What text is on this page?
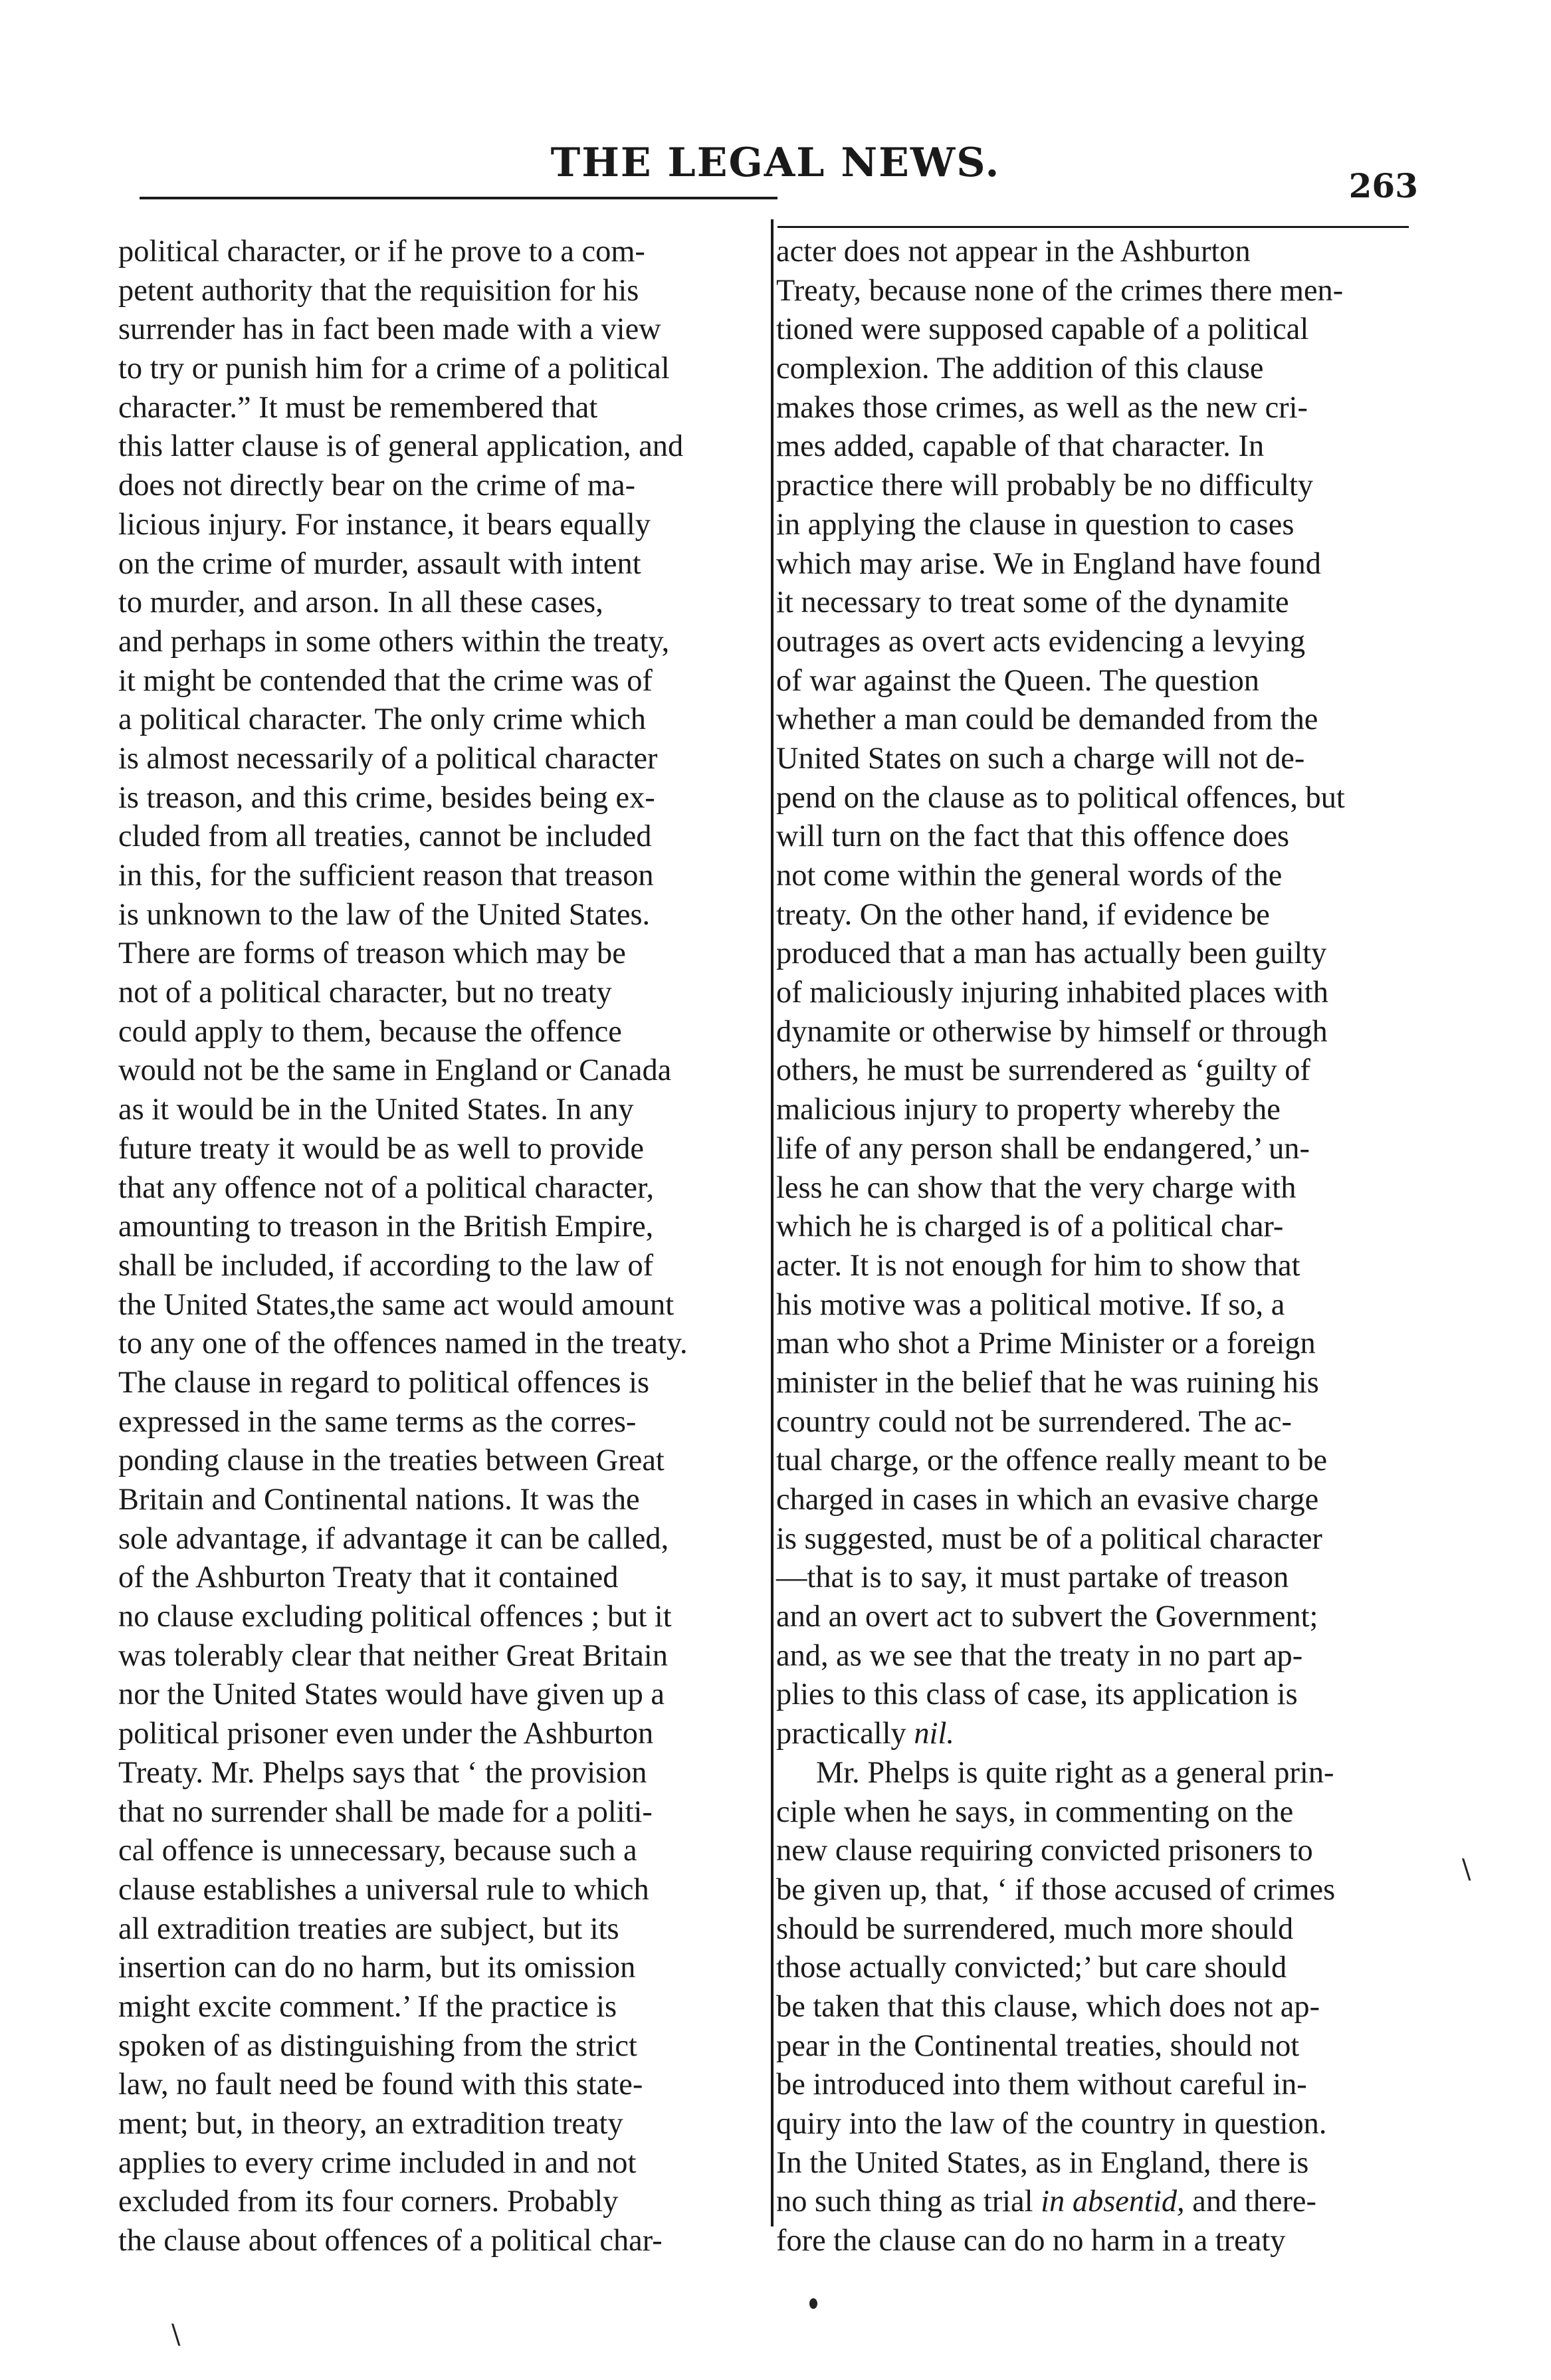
THE LEGAL NEWS.	263
political character, or if he prove to a com-
petent authority that the requisition for his
surrender has in fact been made with a view
to try or punish him for a crime of a political
character.” It must be remembered that
this latter clause is of general application, and
does not directly bear on the crime of ma-
licious injury. For instance, it bears equally
on the crime of murder, assault with intent
to murder, and arson. In all these cases,
and perhaps in some others within the treaty,
it might be contended that the crime was of
a political character. The only crime which
is almost necessarily of a political character
is treason, and this crime, besides being ex-
cluded from all treaties, cannot be included
in this, for the sufficient reason that treason
is unknown to the law of the United States.
There are forms of treason which may be
not of a political character, but no treaty
could apply to them, because the offence
would not be the same in England or Canada
as it would be in the United States. In any
future treaty it would be as well to provide
that any offence not of a political character,
amounting to treason in the British Empire,
shall be included, if according to the law of
the United States,the same act would amount
to any one of the offences named in the treaty.
The clause in regard to political offences is
expressed in the same terms as the corres-
ponding clause in the treaties between Great
Britain and Continental nations. It was the
sole advantage, if advantage it can be called,
of the Ashburton Treaty that it contained
no clause excluding political offences ; but it
was tolerably clear that neither Great Britain
nor the United States would have given up a
political prisoner even under the Ashburton
Treaty. Mr. Phelps says that ‘ the provision
that no surrender shall be made for a politi-
cal offence is unnecessary, because such a
clause establishes a universal rule to which
all extradition treaties are subject, but its
insertion can do no harm, but its omission
might excite comment.’ If the practice is
spoken of as distinguishing from the strict
law, no fault need be found with this state-
ment; but, in theory, an extradition treaty
applies to every crime included in and not
excluded from its four corners. Probably
the clause about offences of a political char-
acter does not appear in the Ashburton
Treaty, because none of the crimes there men-
tioned were supposed capable of a political
complexion. The addition of this clause
makes those crimes, as well as the new cri-
mes added, capable of that character. In
practice there will probably be no difficulty
in applying the clause in question to cases
which may arise. We in England have found
it necessary to treat some of the dynamite
outrages as overt acts evidencing a levying
of war against the Queen. The question
whether a man could be demanded from the
United States on such a charge will not de-
pend on the clause as to political offences, but
will turn on the fact that this offence does
not come within the general words of the
treaty. On the other hand, if evidence be
produced that a man has actually been guilty
of maliciously injuring inhabited places with
dynamite or otherwise by himself or through
others, he must be surrendered as ‘guilty of
malicious injury to property whereby the
life of any person shall be endangered,’ un-
less he can show that the very charge with
which he is charged is of a political char-
acter. It is not enough for him to show that
his motive was a political motive. If so, a
man who shot a Prime Minister or a foreign
minister in the belief that he was ruining his
country could not be surrendered. The ac-
tual charge, or the offence really meant to be
charged in cases in which an evasive charge
is suggested, must be of a political character
—that is to say, it must partake of treason
and an overt act to subvert the Government;
and, as we see that the treaty in no part ap-
plies to this class of case, its application is
practically nil.
Mr. Phelps is quite right as a general prin-
ciple when he says, in commenting on the
new clause requiring convicted prisoners to
be given up, that, ‘ if those accused of crimes
should be surrendered, much more should
those actually convicted;’ but care should
be taken that this clause, which does not ap-
pear in the Continental treaties, should not
be introduced into them without careful in-
quiry into the law of the country in question.
In the United States, as in England, there is
no such thing as trial in absentid, and there-
fore the clause can do no harm in a treaty
\
\
